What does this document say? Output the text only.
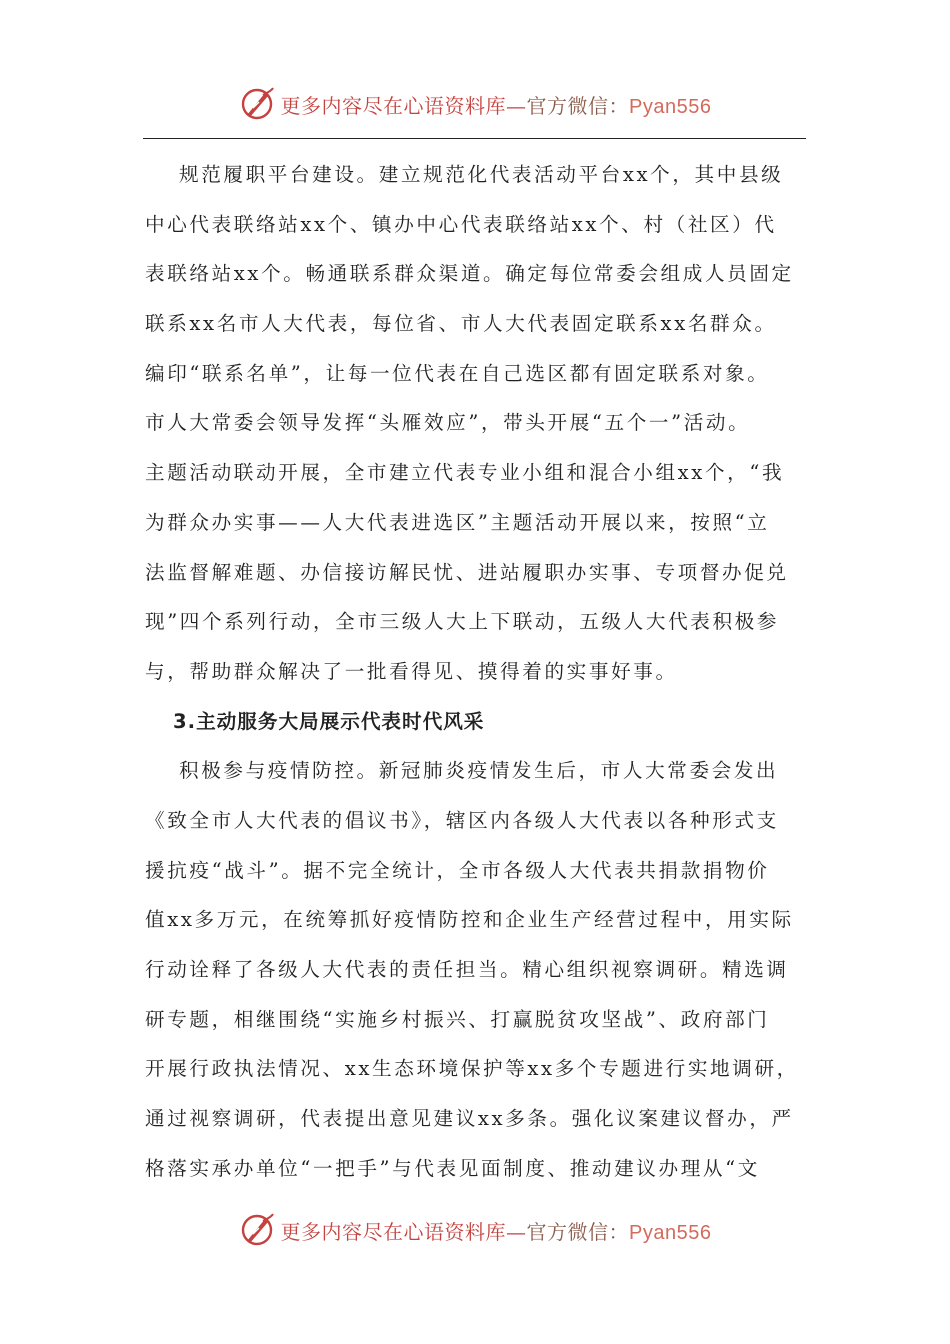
更多内容尽在心语资料库—官方微信：Pyan556
规范履职平台建设。建立规范化代表活动平台xx个，其中县级
中心代表联络站xx个、镇办中心代表联络站xx个、村（社区）代
表联络站xx个。畅通联系群众渠道。确定每位常委会组成人员固定
联系xx名市人大代表，每位省、市人大代表固定联系xx名群众。
编印“联系名单”，让每一位代表在自己选区都有固定联系对象。
市人大常委会领导发挥“头雁效应”，带头开展“五个一”活动。
主题活动联动开展，全市建立代表专业小组和混合小组xx个，“我
为群众办实事——人大代表进选区”主题活动开展以来，按照“立
法监督解难题、办信接访解民忧、进站履职办实事、专项督办促兑
现”四个系列行动，全市三级人大上下联动，五级人大代表积极参
与，帮助群众解决了一批看得见、摸得着的实事好事。
3.主动服务大局展示代表时代风采
积极参与疫情防控。新冠肺炎疫情发生后，市人大常委会发出
《致全市人大代表的倡议书》，辖区内各级人大代表以各种形式支
援抗疫“战斗”。据不完全统计，全市各级人大代表共捐款捐物价
值xx多万元，在统筹抓好疫情防控和企业生产经营过程中，用实际
行动诠释了各级人大代表的责任担当。精心组织视察调研。精选调
研专题，相继围绕“实施乡村振兴、打赢脱贫攻坚战”、政府部门
开展行政执法情况、xx生态环境保护等xx多个专题进行实地调研，
通过视察调研，代表提出意见建议xx多条。强化议案建议督办，严
格落实承办单位“一把手”与代表见面制度、推动建议办理从“文
更多内容尽在心语资料库—官方微信：Pyan556
